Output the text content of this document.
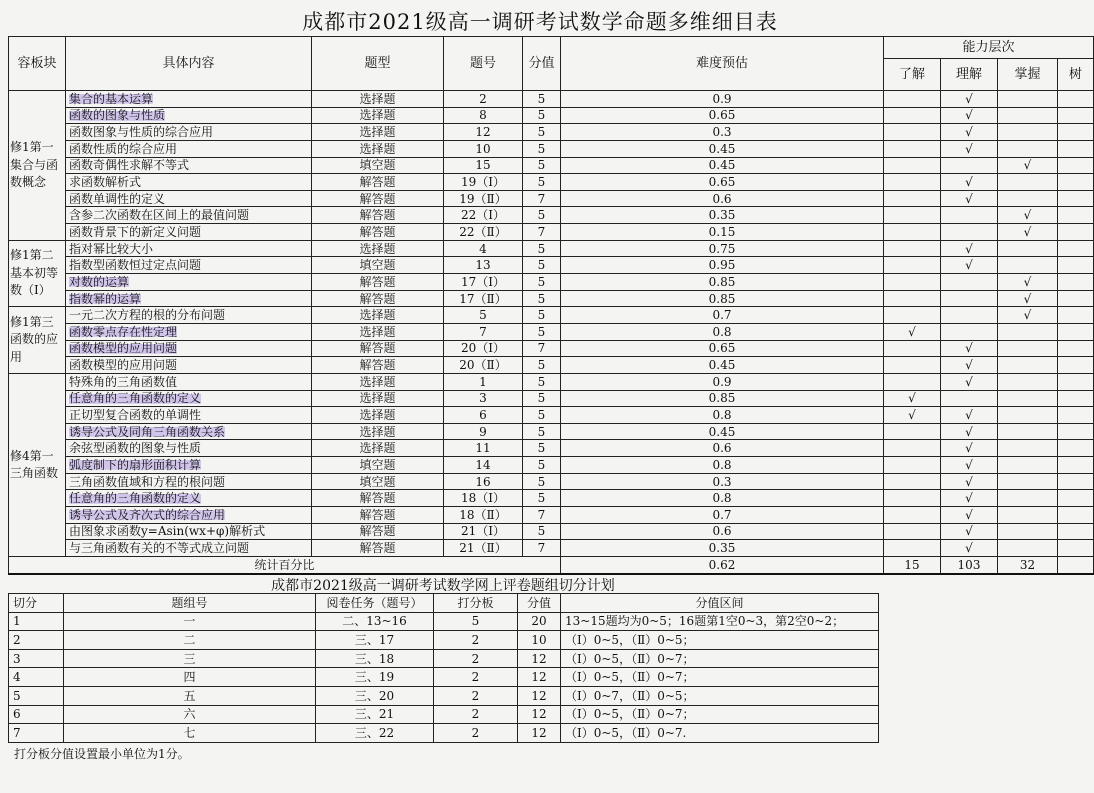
成都市2021级高一调研考试数学命题多维细目表
容板块	具体内容	题型	题号	分值	难度预估	能力层次			
						了解	理解	掌握	树
修1第一
集合与函
数概念	集合的基本运算	选择题	2	5	0.9		√		
	函数的图象与性质	选择题	8	5	0.65		√		
	函数图象与性质的综合应用	选择题	12	5	0.3		√		
	函数性质的综合应用	选择题	10	5	0.45		√		
	函数奇偶性求解不等式	填空题	15	5	0.45			√	
	求函数解析式	解答题	19（Ⅰ）	5	0.65		√		
	函数单调性的定义	解答题	19（Ⅱ）	7	0.6		√		
	含参二次函数在区间上的最值问题	解答题	22（Ⅰ）	5	0.35			√	
	函数背景下的新定义问题	解答题	22（Ⅱ）	7	0.15			√	
修1第二
基本初等
数（Ⅰ）	指对幂比较大小	选择题	4	5	0.75		√		
	指数型函数恒过定点问题	填空题	13	5	0.95		√		
	对数的运算	解答题	17（Ⅰ）	5	0.85			√	
	指数幂的运算	解答题	17（Ⅱ）	5	0.85			√	
修1第三
函数的应
用	一元二次方程的根的分布问题	选择题	5	5	0.7			√	
	函数零点存在性定理	选择题	7	5	0.8	√			
	函数模型的应用问题	解答题	20（Ⅰ）	7	0.65		√		
	函数模型的应用问题	解答题	20（Ⅱ）	5	0.45		√		
修4第一
三角函数	特殊角的三角函数值	选择题	1	5	0.9		√		
	任意角的三角函数的定义	选择题	3	5	0.85	√			
	正切型复合函数的单调性	选择题	6	5	0.8	√	√		
	诱导公式及同角三角函数关系	选择题	9	5	0.45		√		
	余弦型函数的图象与性质	选择题	11	5	0.6		√		
	弧度制下的扇形面积计算	填空题	14	5	0.8		√		
	三角函数值域和方程的根问题	填空题	16	5	0.3		√		
	任意角的三角函数的定义	解答题	18（Ⅰ）	5	0.8		√		
	诱导公式及齐次式的综合应用	解答题	18（Ⅱ）	7	0.7		√		
	由图象求函数y=Asin(wx+φ)解析式	解答题	21（Ⅰ）	5	0.6		√		
	与三角函数有关的不等式成立问题	解答题	21（Ⅱ）	7	0.35		√		
统计百分比					0.62	15	103	32	
成都市2021级高一调研考试数学网上评卷题组切分计划
切分	题组号	阅卷任务（题号）	打分板	分值	分值区间
1	一	二、13~16	5	20	13~15题均为0~5；16题第1空0~3，第2空0~2；
2	二	三、17	2	10	（Ⅰ）0~5，（Ⅱ）0~5；
3	三	三、18	2	12	（Ⅰ）0~5，（Ⅱ）0~7；
4	四	三、19	2	12	（Ⅰ）0~5，（Ⅱ）0~7；
5	五	三、20	2	12	（Ⅰ）0~7，（Ⅱ）0~5；
6	六	三、21	2	12	（Ⅰ）0~5，（Ⅱ）0~7；
7	七	三、22	2	12	（Ⅰ）0~5，（Ⅱ）0~7.
打分板分值设置最小单位为1分。
